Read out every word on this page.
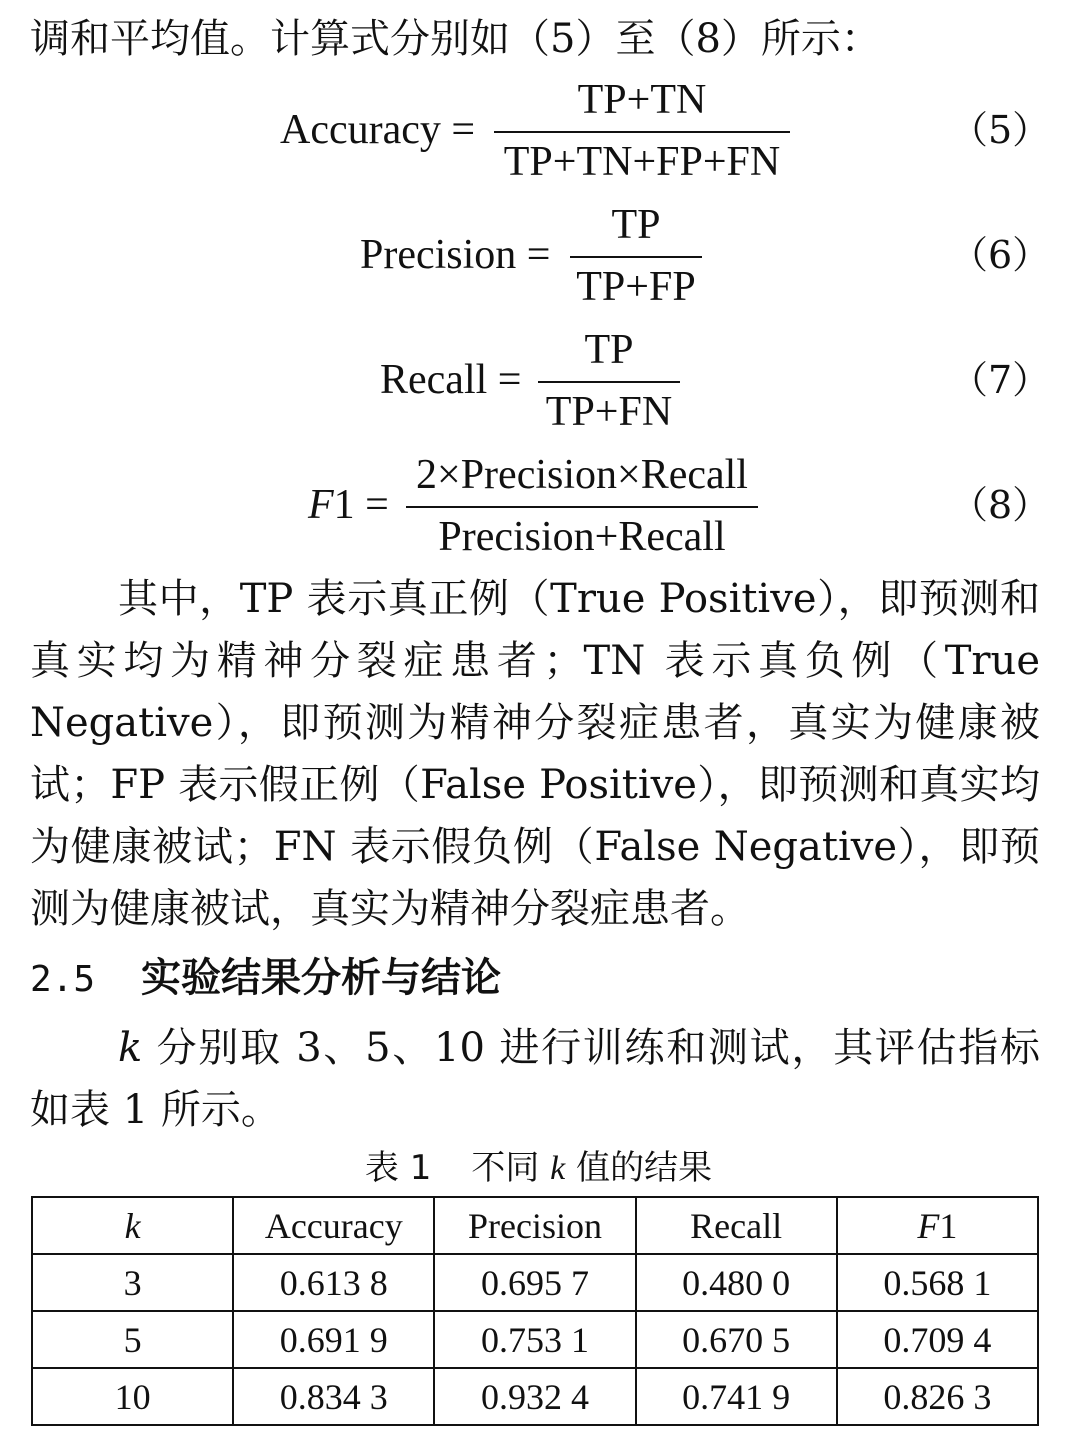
调和平均值。计算式分别如（5）至（8）所示：

Accuracy =
TP+TN
TP+TN+FP+FN
（5）
Precision =
TP
TP+FP
（6）
Recall =
TP
TP+FN
（7）
F1 =
2×Precision×Recall
Precision+Recall
（8）

其中，TP 表示真正例（True Positive），即预测和真实均为精神分裂症患者；TN 表示真负例（True Negative），即预测为精神分裂症患者，真实为健康被试；FP 表示假正例（False Positive），即预测和真实均为健康被试；FN 表示假负例（False Negative），即预测为健康被试，真实为精神分裂症患者。

2.5 实验结果分析与结论

k 分别取 3、5、10 进行训练和测试，其评估指标如表 1 所示。

表 1 不同 k 值的结果
k	Accuracy	Precision	Recall	F1
3	0.613 8	0.695 7	0.480 0	0.568 1
5	0.691 9	0.753 1	0.670 5	0.709 4
10	0.834 3	0.932 4	0.741 9	0.826 3
